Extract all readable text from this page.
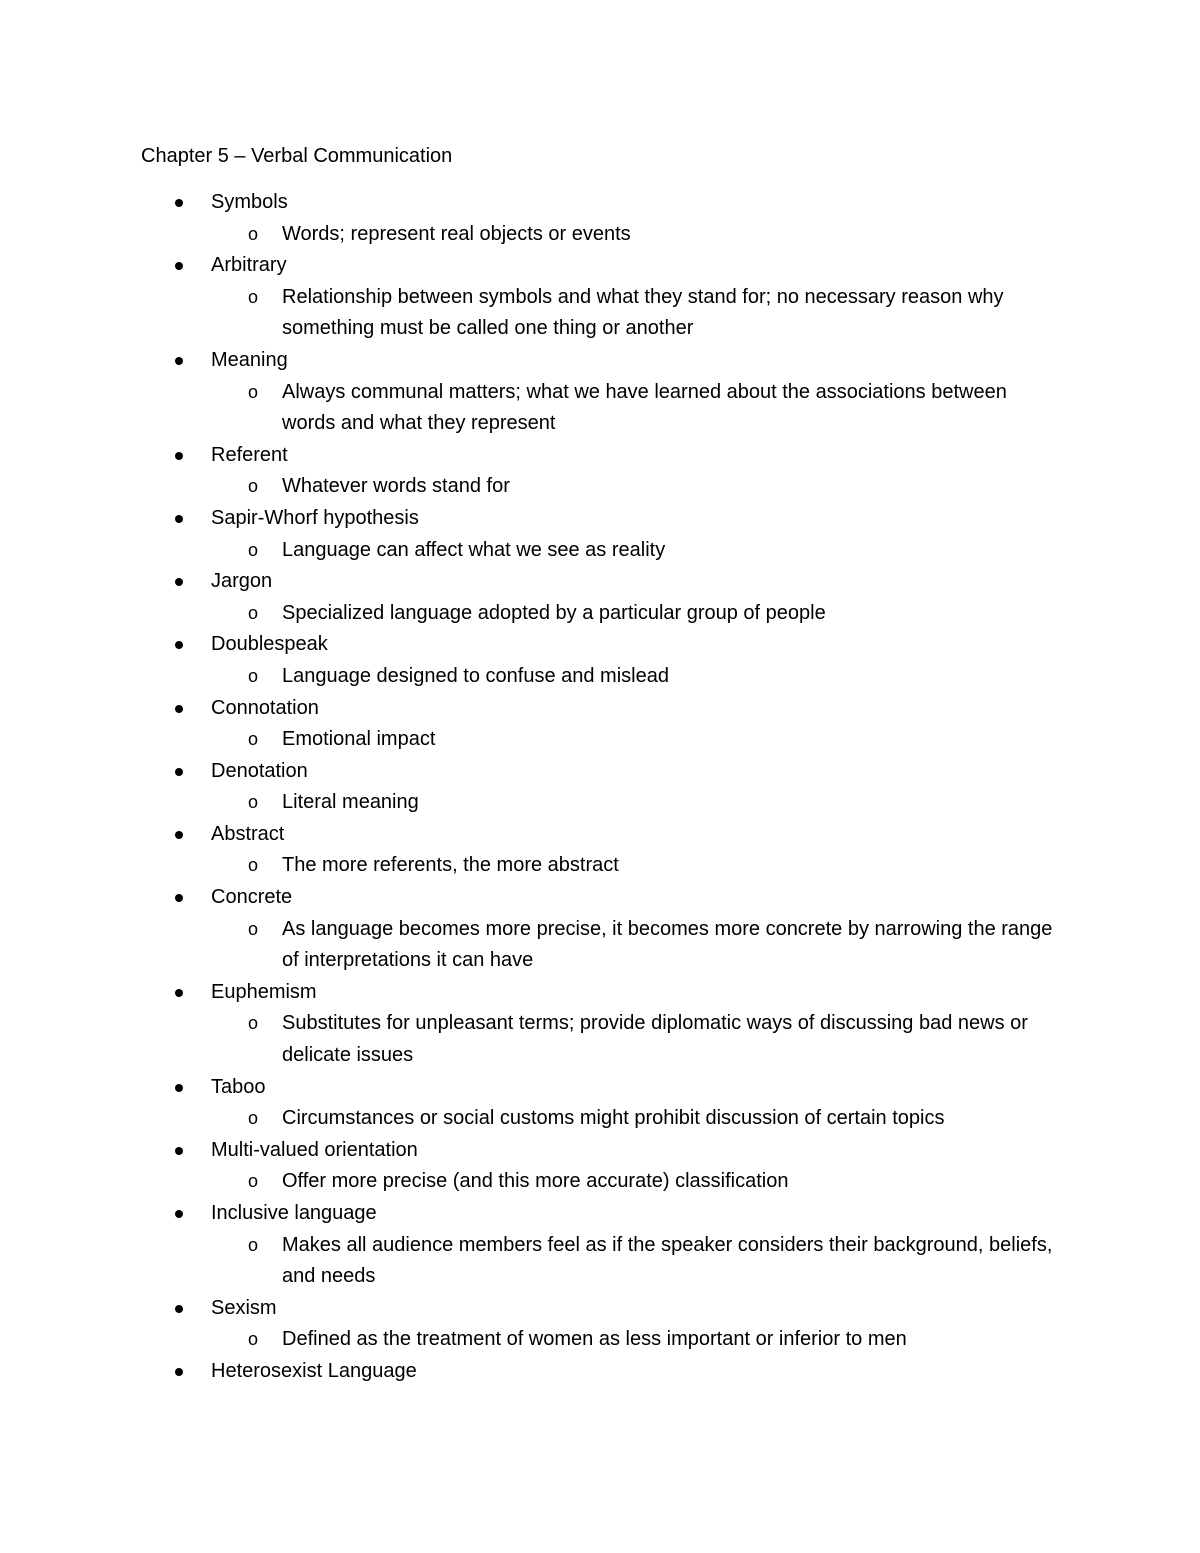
Chapter 5 – Verbal Communication
Symbols
o Words; represent real objects or events
Arbitrary
o Relationship between symbols and what they stand for; no necessary reason why something must be called one thing or another
Meaning
o Always communal matters; what we have learned about the associations between words and what they represent
Referent
o Whatever words stand for
Sapir-Whorf hypothesis
o Language can affect what we see as reality
Jargon
o Specialized language adopted by a particular group of people
Doublespeak
o Language designed to confuse and mislead
Connotation
o Emotional impact
Denotation
o Literal meaning
Abstract
o The more referents, the more abstract
Concrete
o As language becomes more precise, it becomes more concrete by narrowing the range of interpretations it can have
Euphemism
o Substitutes for unpleasant terms; provide diplomatic ways of discussing bad news or delicate issues
Taboo
o Circumstances or social customs might prohibit discussion of certain topics
Multi-valued orientation
o Offer more precise (and this more accurate) classification
Inclusive language
o Makes all audience members feel as if the speaker considers their background, beliefs, and needs
Sexism
o Defined as the treatment of women as less important or inferior to men
Heterosexist Language
